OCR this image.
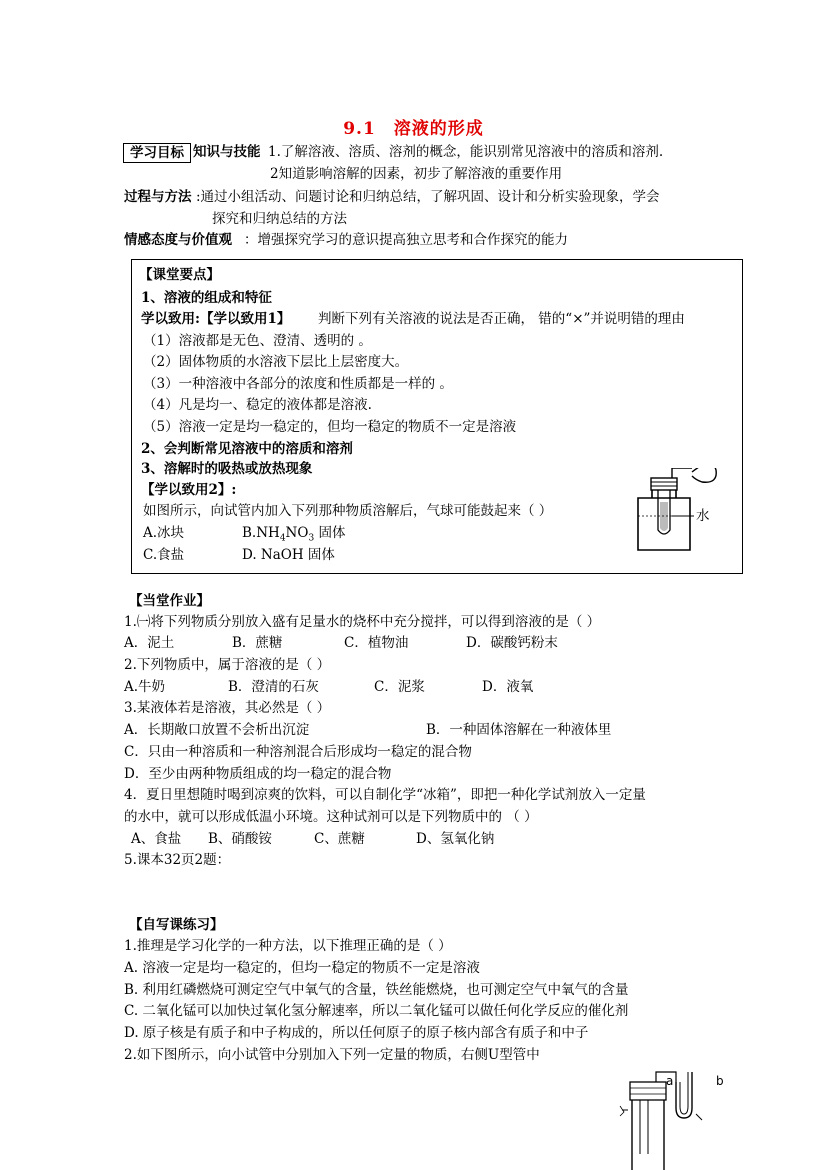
9.1　溶液的形成
学习目标 知识与技能 1.了解溶液、溶质、溶剂的概念，能识别常见溶液中的溶质和溶剂.
2知道影响溶解的因素，初步了解溶液的重要作用
过程与方法 :通过小组活动、问题讨论和归纳总结，了解巩固、设计和分析实验现象，学会
探究和归纳总结的方法
情感态度与价值观 ：增强探究学习的意识提高独立思考和合作探究的能力
【课堂要点】
1、溶液的组成和特征
学以致用:【学以致用1】 判断下列有关溶液的说法是否正确， 错的“×”并说明错的理由
（1）溶液都是无色、澄清、透明的 。
（2）固体物质的水溶液下层比上层密度大。
（3）一种溶液中各部分的浓度和性质都是一样的 。
（4）凡是均一、稳定的液体都是溶液.
（5）溶液一定是均一稳定的，但均一稳定的物质不一定是溶液
2、会判断常见溶液中的溶质和溶剂
3、溶解时的吸热或放热现象
【学以致用2】:
如图所示，向试管内加入下列那种物质溶解后，气球可能鼓起来（ ）
A.冰块	$B.NH_4NO_3$ 固体
C.食盐	D. NaOH 固体
水
【当堂作业】
1.㈠将下列物质分别放入盛有足量水的烧杯中充分搅拌，可以得到溶液的是（ ）
A．泥土	B．蔗糖	C．植物油	D．碳酸钙粉末
2.下列物质中，属于溶液的是（ ）
A.牛奶	B．澄清的石灰	C．泥浆	D．液氧
3.某液体若是溶液，其必然是（ ）
A．长期敞口放置不会析出沉淀	B．一种固体溶解在一种液体里
C．只由一种溶质和一种溶剂混合后形成均一稳定的混合物
D．至少由两种物质组成的均一稳定的混合物
4．夏日里想随时喝到凉爽的饮料，可以自制化学“冰箱”，即把一种化学试剂放入一定量
的水中，就可以形成低温小环境。这种试剂可以是下列物质中的 （ ）
A、食盐 B、硝酸铵	C、蔗糖	D、氢氧化钠
5.课本32页2题：
【自写课练习】
1.推理是学习化学的一种方法，以下推理正确的是（ ）
A. 溶液一定是均一稳定的，但均一稳定的物质不一定是溶液
B. 利用红磷燃烧可测定空气中氧气的含量，铁丝能燃烧，也可测定空气中氧气的含量
C. 二氧化锰可以加快过氧化氢分解速率，所以二氧化锰可以做任何化学反应的催化剂
D. 原子核是有质子和中子构成的，所以任何原子的原子核内部含有质子和中子
2.如下图所示，向小试管中分别加入下列一定量的物质，右侧U型管中
a	b
